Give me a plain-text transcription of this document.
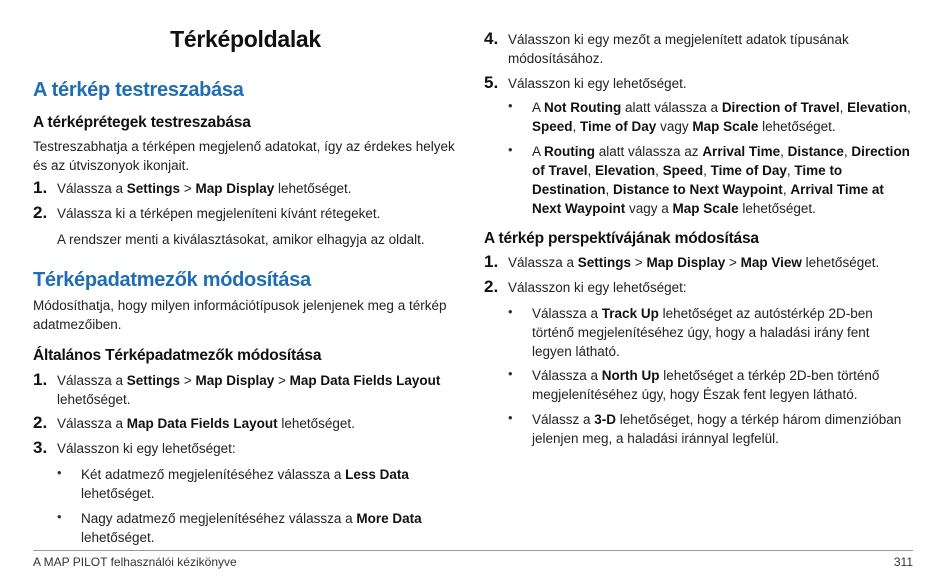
Térképoldalak
A térkép testreszabása
A térképrétegek testreszabása
Testreszabhatja a térképen megjelenő adatokat, így az érdekes helyek és az útviszonyok ikonjait.
1. Válassza a Settings > Map Display lehetőséget.
2. Válassza ki a térképen megjeleníteni kívánt rétegeket.
A rendszer menti a kiválasztásokat, amikor elhagyja az oldalt.
Térképadatmezők módosítása
Módosíthatja, hogy milyen információtípusok jelenjenek meg a térkép adatmezőiben.
Általános Térképadatmezők módosítása
1. Válassza a Settings > Map Display > Map Data Fields Layout lehetőséget.
2. Válassza a Map Data Fields Layout lehetőséget.
3. Válasszon ki egy lehetőséget:
• Két adatmező megjelenítéséhez válassza a Less Data lehetőséget.
• Nagy adatmező megjelenítéséhez válassza a More Data lehetőséget.
4. Válasszon ki egy mezőt a megjelenített adatok típusának módosításához.
5. Válasszon ki egy lehetőséget.
• A Not Routing alatt válassza a Direction of Travel, Elevation, Speed, Time of Day vagy Map Scale lehetőséget.
• A Routing alatt válassza az Arrival Time, Distance, Direction of Travel, Elevation, Speed, Time of Day, Time to Destination, Distance to Next Waypoint, Arrival Time at Next Waypoint vagy a Map Scale lehetőséget.
A térkép perspektívájának módosítása
1. Válassza a Settings > Map Display > Map View lehetőséget.
2. Válasszon ki egy lehetőséget:
• Válassza a Track Up lehetőséget az autóstérkép 2D-ben történő megjelenítéséhez úgy, hogy a haladási irány fent legyen látható.
• Válassza a North Up lehetőséget a térkép 2D-ben történő megjelenítéséhez úgy, hogy Észak fent legyen látható.
• Válassz a 3-D lehetőséget, hogy a térkép három dimenzióban jelenjen meg, a haladási iránnyal legfelül.
A MAP PILOT felhasználói kézikönyve	311
